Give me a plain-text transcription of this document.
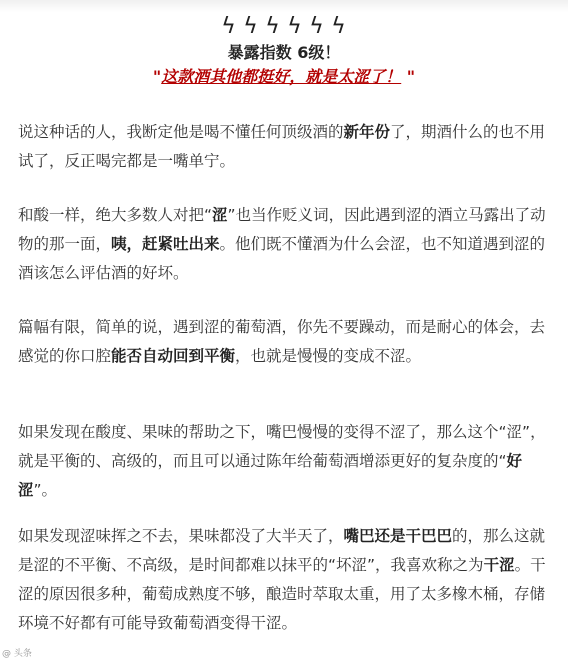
ϟ ϟ ϟ ϟ ϟ ϟ
暴露指数 6级！
"这款酒其他都挺好，就是太涩了！ "

说这种话的人，我断定他是喝不懂任何顶级酒的新年份了，期酒什么的也不用试了，反正喝完都是一嘴单宁。

和酸一样，绝大多数人对把“涩”也当作贬义词，因此遇到涩的酒立马露出了动物的那一面，咦，赶紧吐出来。他们既不懂酒为什么会涩，也不知道遇到涩的酒该怎么评估酒的好坏。

篇幅有限，简单的说，遇到涩的葡萄酒，你先不要躁动，而是耐心的体会，去感觉的你口腔能否自动回到平衡，也就是慢慢的变成不涩。

如果发现在酸度、果味的帮助之下，嘴巴慢慢的变得不涩了，那么这个“涩”，就是平衡的、高级的，而且可以通过陈年给葡萄酒增添更好的复杂度的“好涩”。

如果发现涩味挥之不去，果味都没了大半天了，嘴巴还是干巴巴的，那么这就是涩的不平衡、不高级，是时间都难以抹平的“坏涩”，我喜欢称之为干涩。干涩的原因很多种，葡萄成熟度不够，酿造时萃取太重，用了太多橡木桶，存储环境不好都有可能导致葡萄酒变得干涩。

@ 头条
